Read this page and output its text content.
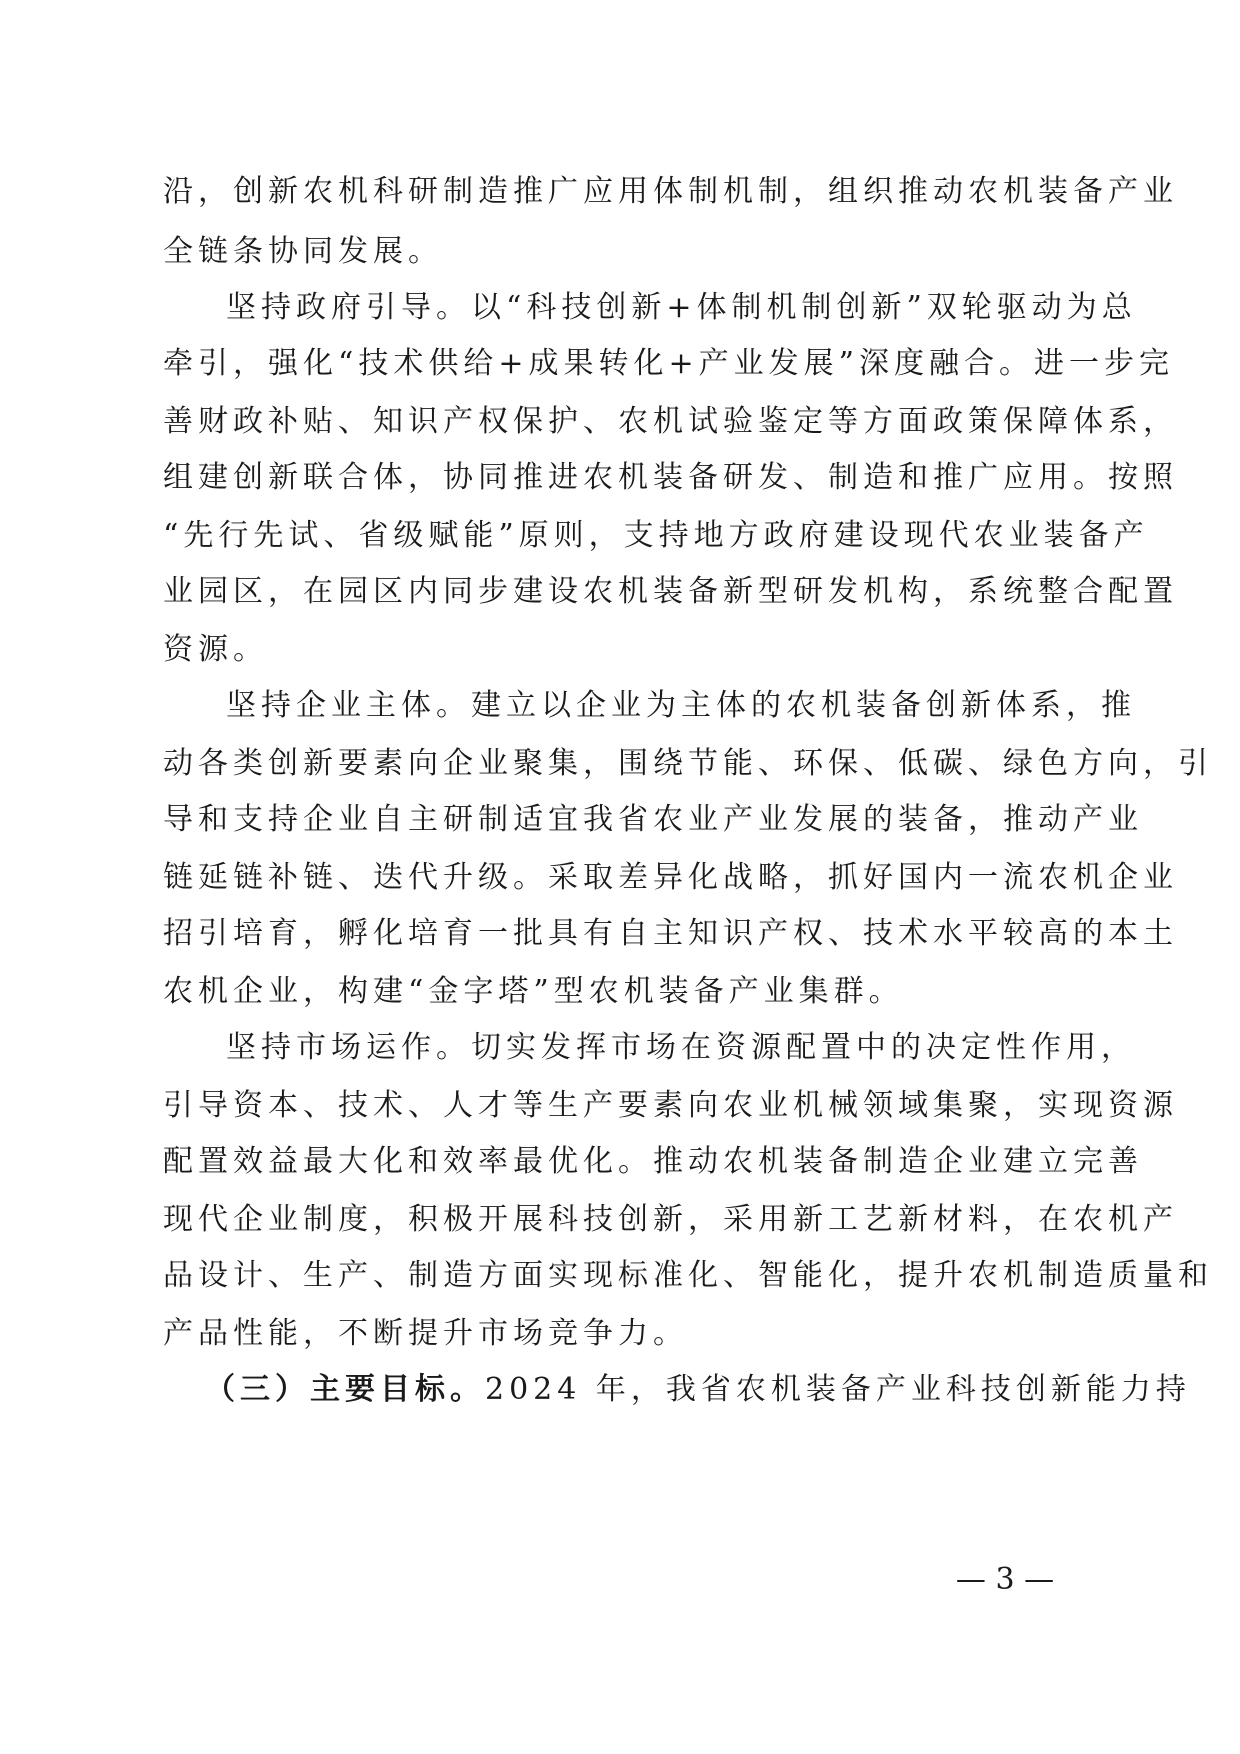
沿，创新农机科研制造推广应用体制机制，组织推动农机装备产业
全链条协同发展。
坚持政府引导。以“科技创新+体制机制创新”双轮驱动为总
牵引，强化“技术供给+成果转化+产业发展”深度融合。进一步完
善财政补贴、知识产权保护、农机试验鉴定等方面政策保障体系，
组建创新联合体，协同推进农机装备研发、制造和推广应用。按照
“先行先试、省级赋能”原则，支持地方政府建设现代农业装备产
业园区，在园区内同步建设农机装备新型研发机构，系统整合配置
资源。
坚持企业主体。建立以企业为主体的农机装备创新体系，推
动各类创新要素向企业聚集，围绕节能、环保、低碳、绿色方向，引
导和支持企业自主研制适宜我省农业产业发展的装备，推动产业
链延链补链、迭代升级。采取差异化战略，抓好国内一流农机企业
招引培育，孵化培育一批具有自主知识产权、技术水平较高的本土
农机企业，构建“金字塔”型农机装备产业集群。
坚持市场运作。切实发挥市场在资源配置中的决定性作用，
引导资本、技术、人才等生产要素向农业机械领域集聚，实现资源
配置效益最大化和效率最优化。推动农机装备制造企业建立完善
现代企业制度，积极开展科技创新，采用新工艺新材料，在农机产
品设计、生产、制造方面实现标准化、智能化，提升农机制造质量和
产品性能，不断提升市场竞争力。
（三）主要目标。2024 年，我省农机装备产业科技创新能力持
— 3 —
